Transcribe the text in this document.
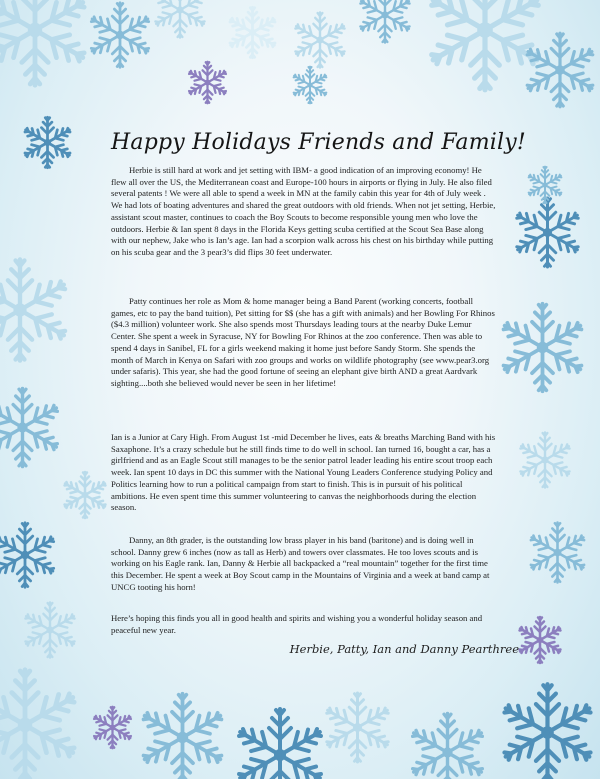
Happy Holidays Friends and Family!

Herbie is still hard at work and jet setting with IBM- a good indication of an improving economy! He flew all over the US, the Mediterranean coast and Europe-100 hours in airports or flying in July. He also filed several patents ! We were all able to spend a week in MN at the family cabin this year for 4th of July week . We had lots of boating adventures and shared the great outdoors with old friends. When not jet setting, Herbie, assistant scout master, continues to coach the Boy Scouts to become responsible young men who love the outdoors. Herbie & Ian spent 8 days in the Florida Keys getting scuba certified at the Scout Sea Base along with our nephew, Jake who is Ian’s age. Ian had a scorpion walk across his chest on his birthday while putting on his scuba gear and the 3 pear3’s did flips 30 feet underwater.

Patty continues her role as Mom & home manager being a Band Parent (working concerts, football games, etc to pay the band tuition), Pet sitting for $$ (she has a gift with animals) and her Bowling For Rhinos ($4.3 million) volunteer work. She also spends most Thursdays leading tours at the nearby Duke Lemur Center. She spent a week in Syracuse, NY for Bowling For Rhinos at the zoo conference. Then was able to spend 4 days in Sanibel, FL for a girls weekend making it home just before Sandy Storm. She spends the month of March in Kenya on Safari with zoo groups and works on wildlife photography (see www.pear3.org under safaris). This year, she had the good fortune of seeing an elephant give birth AND a great Aardvark sighting....both she believed would never be seen in her lifetime!

Ian is a Junior at Cary High. From August 1st -mid December he lives, eats & breaths Marching Band with his Saxaphone. It’s a crazy schedule but he still finds time to do well in school. Ian turned 16, bought a car, has a girlfriend and as an Eagle Scout still manages to be the senior patrol leader leading his entire scout troop each week. Ian spent 10 days in DC this summer with the National Young Leaders Conference studying Policy and Politics learning how to run a political campaign from start to finish. This is in pursuit of his political ambitions. He even spent time this summer volunteering to canvas the neighborhoods during the election season.

Danny, an 8th grader, is the outstanding low brass player in his band (baritone) and is doing well in school. Danny grew 6 inches (now as tall as Herb) and towers over classmates. He too loves scouts and is working on his Eagle rank. Ian, Danny & Herbie all backpacked a “real mountain” together for the first time this December. He spent a week at Boy Scout camp in the Mountains of Virginia and a week at band camp at UNCG tooting his horn!

Here’s hoping this finds you all in good health and spirits and wishing you a wonderful holiday season and peaceful new year.

Herbie, Patty, Ian and Danny Pearthree
